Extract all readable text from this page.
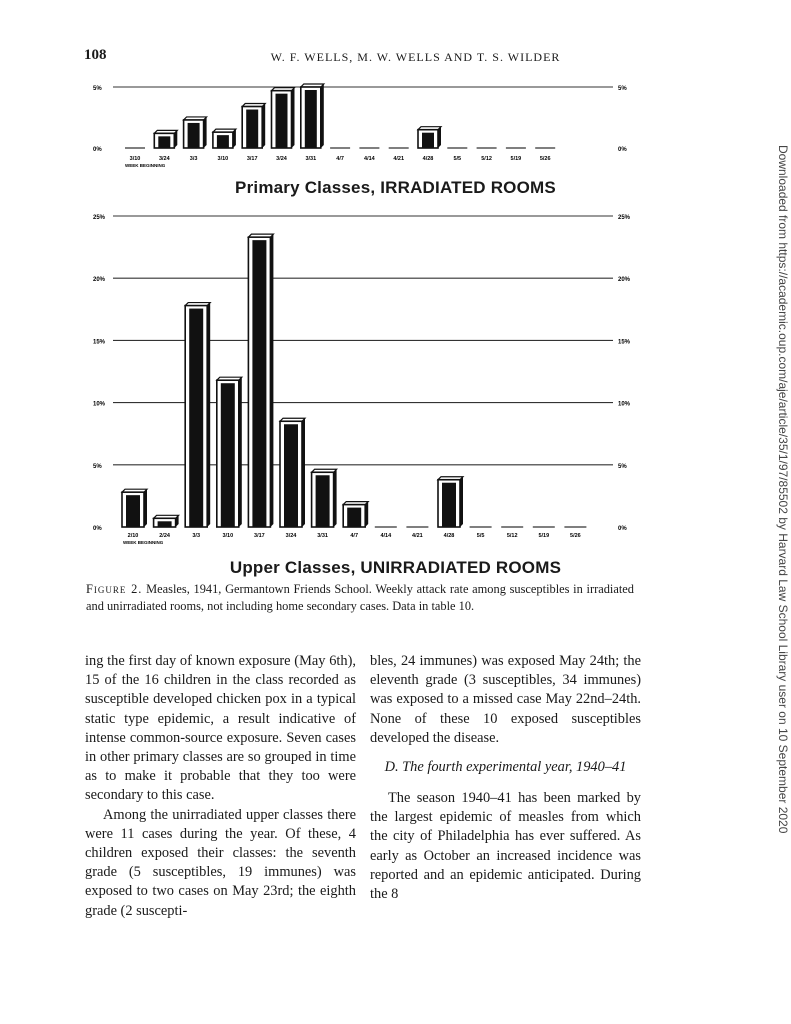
108	W. F. WELLS, M. W. WELLS AND T. S. WILDER
0%	0%
5%	5%
3/10	3/24	3/3	3/10	3/17	3/24	3/31	4/7	4/14	4/21	4/28	5/5	5/12	5/19	5/26
WEEK BEGINNING
0%	0%
5%	5%
10%	10%
15%	15%
20%	20%
25%	25%
2/10	2/24	3/3	3/10	3/17	3/24	3/31	4/7	4/14	4/21	4/28	5/5	5/12	5/19	5/26
WEEK BEGINNING
Primary Classes, IRRADIATED ROOMS
Upper Classes, UNIRRADIATED ROOMS
Figure 2. Measles, 1941, Germantown Friends School. Weekly attack rate among susceptibles in irradiated and unirradiated rooms, not including home secondary cases. Data in table 10.

ing the first day of known exposure (May 6th), 15 of the 16 children in the class recorded as susceptible developed chicken pox in a typical static type epidemic, a result indicative of intense common-source exposure. Seven cases in other primary classes are so grouped in time as to make it probable that they too were secondary to this case.

Among the unirradiated upper classes there were 11 cases during the year. Of these, 4 children exposed their classes: the seventh grade (5 susceptibles, 19 immunes) was exposed to two cases on May 23rd; the eighth grade (2 suscepti-

bles, 24 immunes) was exposed May 24th; the eleventh grade (3 susceptibles, 34 immunes) was exposed to a missed case May 22nd–24th. None of these 10 exposed susceptibles developed the disease.

D. The fourth experimental year, 1940–41

The season 1940–41 has been marked by the largest epidemic of measles from which the city of Philadelphia has ever suffered. As early as October an increased incidence was reported and an epidemic anticipated. During the 8

Downloaded from https://academic.oup.com/aje/article/35/1/97/85502 by Harvard Law School Library user on 10 September 2020
